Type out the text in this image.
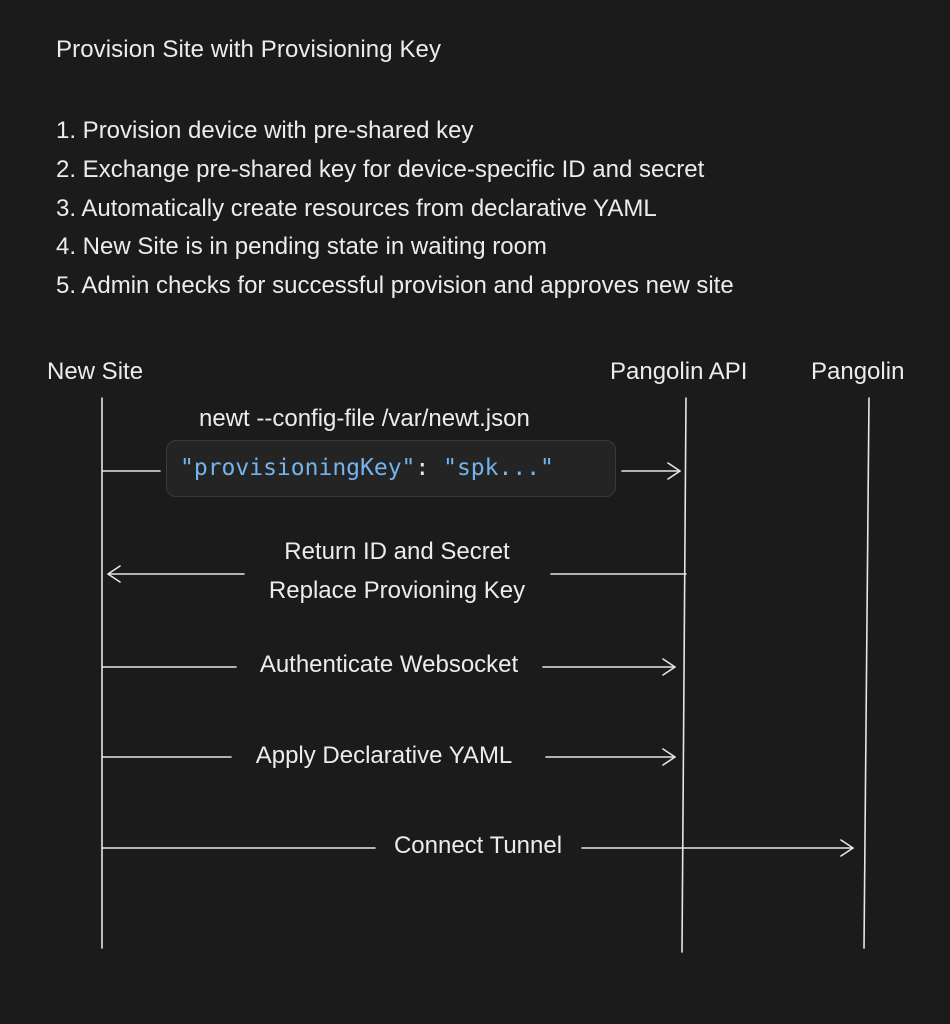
Provision Site with Provisioning Key
1. Provision device with pre-shared key
2. Exchange pre-shared key for device-specific ID and secret
3. Automatically create resources from declarative YAML
4. New Site is in pending state in waiting room
5. Admin checks for successful provision and approves new site
New Site	Pangolin API	Pangolin
newt --config-file /var/newt.json
"provisioningKey": "spk..."
Return ID and Secret
Replace Provioning Key
Authenticate Websocket
Apply Declarative YAML
Connect Tunnel
